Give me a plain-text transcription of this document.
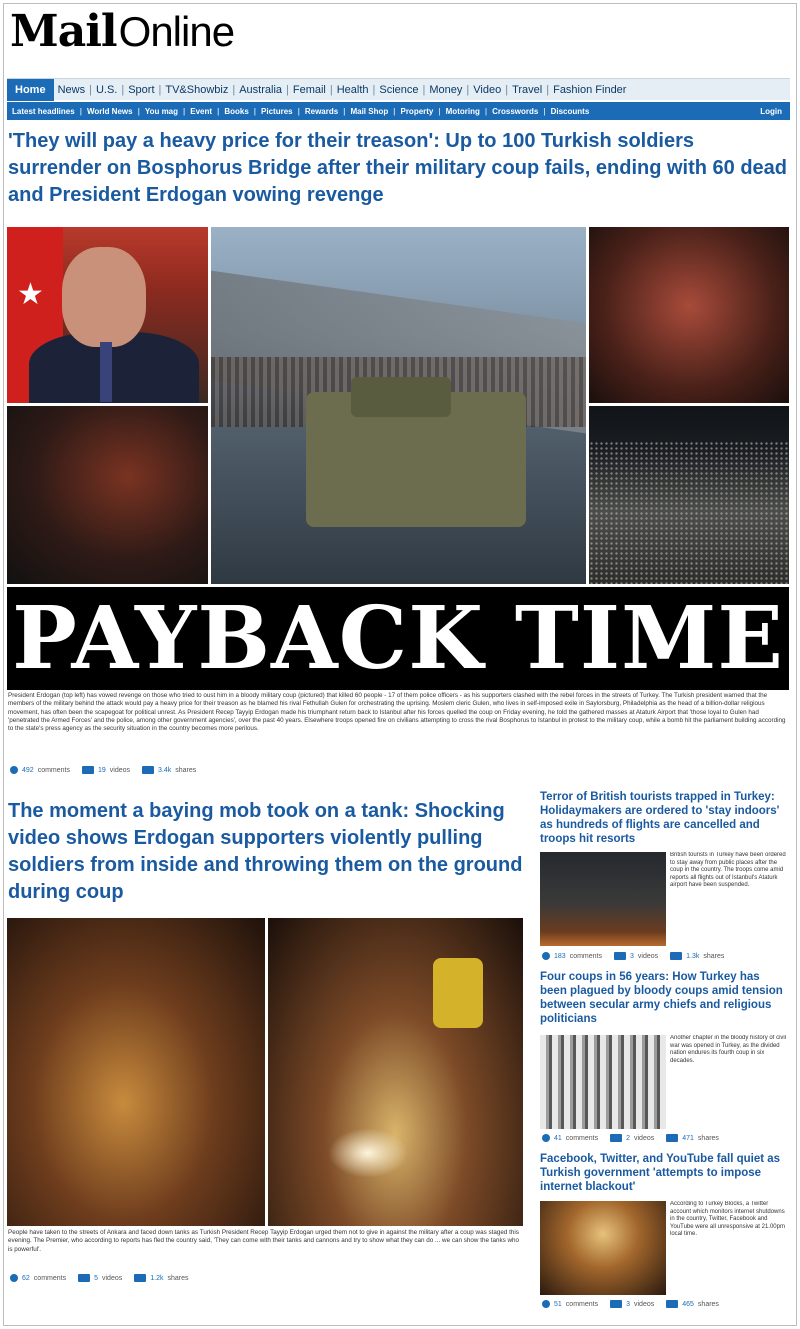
Mail Online
Home	News | U.S. | Sport | TV&Showbiz | Australia | Femail | Health | Science | Money | Video | Travel | Fashion Finder
Latest headlines | World News | You mag | Event | Books | Pictures | Rewards | Mail Shop | Property | Motoring | Crosswords | Discounts	Login
'They will pay a heavy price for their treason': Up to 100 Turkish soldiers surrender on Bosphorus Bridge after their military coup fails, ending with 60 dead and President Erdogan vowing revenge
★
PAYBACK TIME
President Erdogan (top left) has vowed revenge on those who tried to oust him in a bloody military coup (pictured) that killed 60 people - 17 of them police officers - as his supporters clashed with the rebel forces in the streets of Turkey. The Turkish president warned that the members of the military behind the attack would pay a heavy price for their treason as he blamed his rival Fethullah Gulen for orchestrating the uprising. Moslem cleric Gulen, who lives in self-imposed exile in Saylorsburg, Philadelphia as the head of a billion-dollar religious movement, has often been the scapegoat for political unrest. As President Recep Tayyip Erdogan made his triumphant return back to Istanbul after his forces quelled the coup on Friday evening, he told the gathered masses at Ataturk Airport that 'those loyal to Gulen had 'penetrated the Armed Forces' and the police, among other government agencies', over the past 40 years. Elsewhere troops opened fire on civilians attempting to cross the rival Bosphorus to Istanbul in protest to the military coup, while a bomb hit the parliament building according to the state's press agency as the security situation in the country becomes more perilous.
492 comments	19 videos	3.4k shares
The moment a baying mob took on a tank: Shocking video shows Erdogan supporters violently pulling soldiers from inside and throwing them on the ground during coup
People have taken to the streets of Ankara and faced down tanks as Turkish President Recep Tayyip Erdogan urged them not to give in against the military after a coup was staged this evening. The Premier, who according to reports has fled the country said, 'They can come with their tanks and cannons and try to show what they can do ... we can show the tanks who is powerful'.
62 comments	5 videos	1.2k shares
Terror of British tourists trapped in Turkey: Holidaymakers are ordered to 'stay indoors' as hundreds of flights are cancelled and troops hit resorts
British tourists in Turkey have been ordered to stay away from public places after the coup in the country. The troops come amid reports all flights out of Istanbul's Ataturk airport have been suspended.
183 comments	3 videos	1.3k shares
Four coups in 56 years: How Turkey has been plagued by bloody coups amid tension between secular army chiefs and religious politicians
Another chapter in the bloody history of civil war was opened in Turkey, as the divided nation endures its fourth coup in six decades.
41 comments	2 videos	471 shares
Facebook, Twitter, and YouTube fall quiet as Turkish government 'attempts to impose internet blackout'
According to Turkey Blocks, a Twitter account which monitors internet shutdowns in the country, Twitter, Facebook and YouTube were all unresponsive at 21.00pm local time.
51 comments	3 videos	465 shares
